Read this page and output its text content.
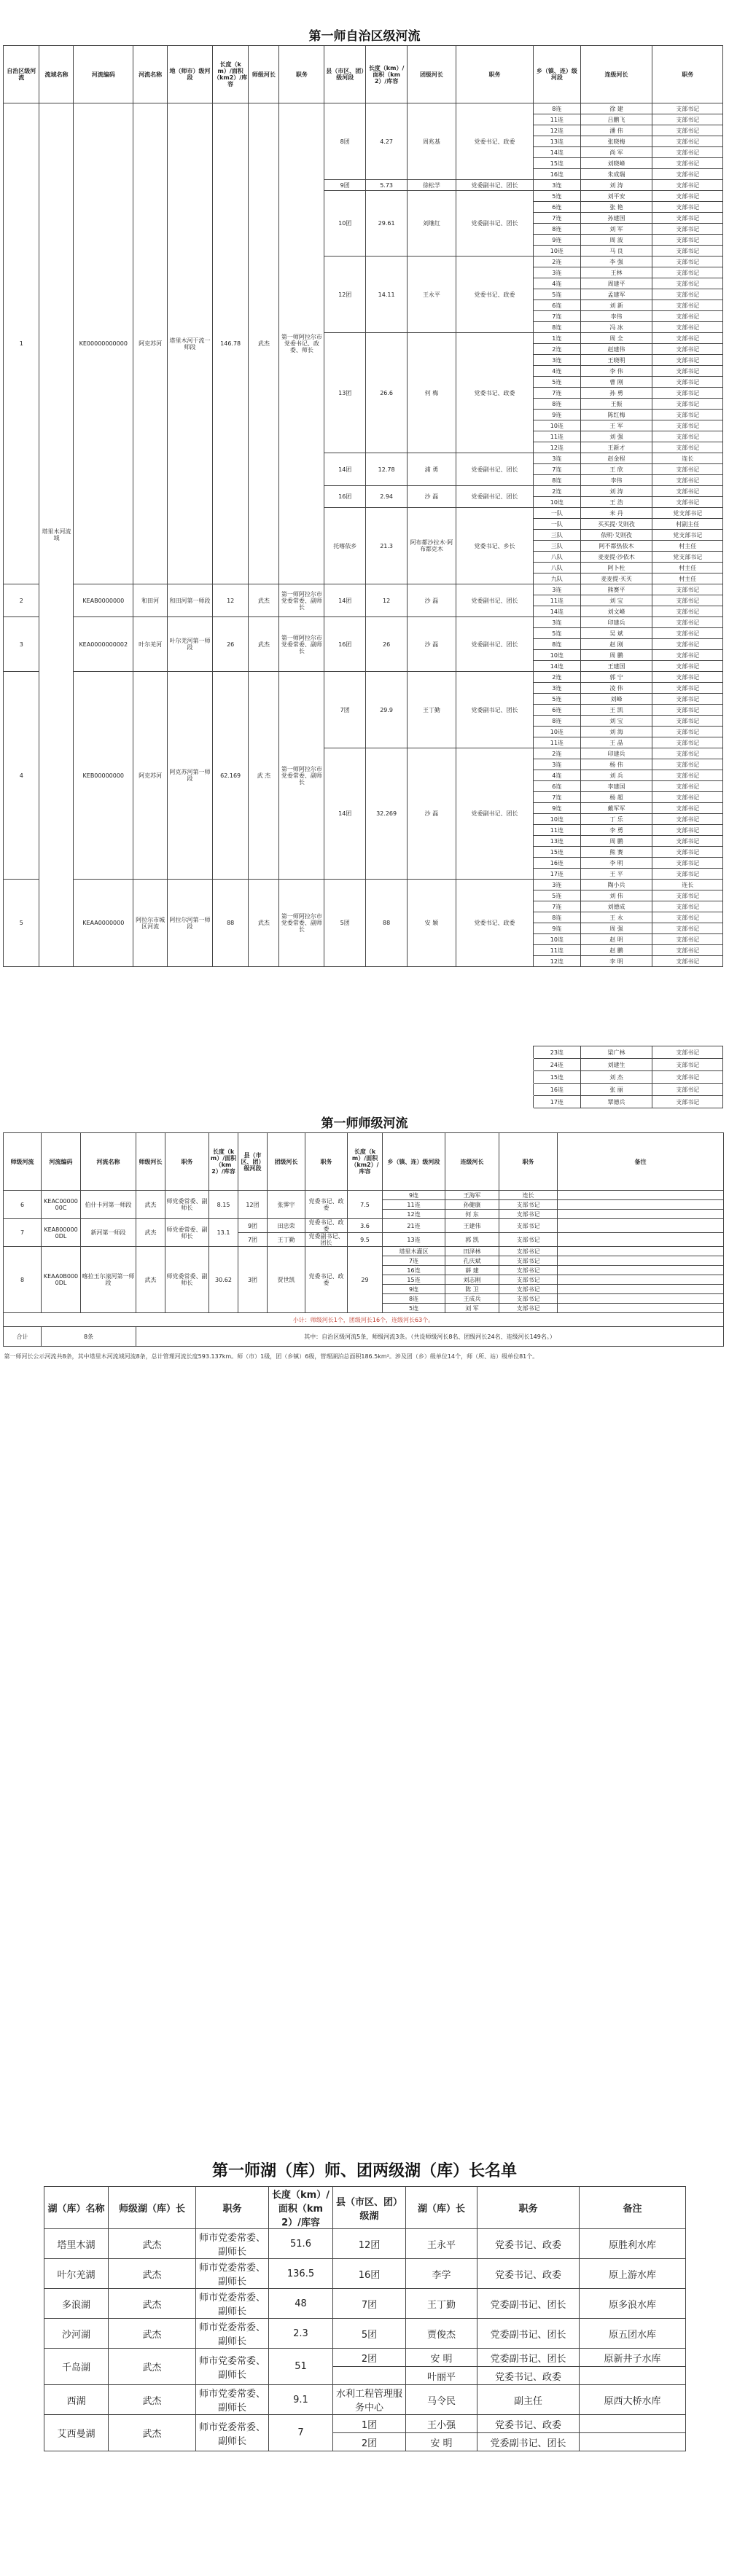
第一师自治区级河流
自治区级河流	流域名称	河流编码	河流名称	地（师市）级河段	长度（km）/面积（km2）/库容	师级河长	职务	县（市区、团）级河段	长度（km）/面积（km2）/库容	团级河长	职务	乡（镇、连）级河段	连级河长	职务
1	塔里木河流域	KE00000000000	阿克苏河	塔里木河干流一师段	146.78	武杰	第一师阿拉尔市党委书记、政委、师长	8团	4.27	周兆基	党委书记、政委	8连	徐 建	支部书记
												11连	吕鹏飞	支部书记
												12连	潘 伟	支部书记
												13连	张晓梅	支部书记
												14连	尚 军	支部书记
												15连	刘晓峰	支部书记
												16连	朱成瑞	支部书记
								9团	5.73	徐松学	党委副书记、团长	3连	刘 涛	支部书记
								10团	29.61	刘继红	党委副书记、团长	5连	刘平安	支部书记
												6连	张 艳	支部书记
												7连	孙建国	支部书记
												8连	刘 军	支部书记
												9连	周 波	支部书记
												10连	马 良	支部书记
								12团	14.11	王永平	党委书记、政委	2连	李 强	支部书记
												3连	王林	支部书记
												4连	周建平	支部书记
												5连	孟建军	支部书记
												6连	刘 新	支部书记
												7连	李伟	支部书记
												8连	冯 冰	支部书记
								13团	26.6	何 梅	党委书记、政委	1连	周 全	支部书记
												2连	赵建伟	支部书记
												3连	王晓明	支部书记
												4连	李 伟	支部书记
												5连	曹 刚	支部书记
												7连	孙 勇	支部书记
												8连	王振	支部书记
												9连	陈红梅	支部书记
												10连	王 军	支部书记
												11连	刘 强	支部书记
												12连	王新才	支部书记
								14团	12.78	浦 勇	党委副书记、团长	3连	赵金程	连长
												7连	王 欣	支部书记
												8连	李伟	支部书记
								16团	2.94	沙 磊	党委副书记、团长	2连	刘 涛	支部书记
												10连	王 浩	支部书记
								托喀依乡	21.3	阿布都沙拉木·阿布都克木	党委书记、乡长	一队	米 丹	党支部书记
												一队	买买提·艾则孜	村副主任
												三队	依明·艾则孜	党支部书记
												三队	阿不都热依木	村主任
												八队	麦麦提·沙依木	党支部书记
												八队	阿卜杜	村主任
												九队	麦麦提·买买	村主任
2		KEAB0000000	和田河	和田河第一师段	12	武杰	第一师阿拉尔市党委常委、副师长	14团	12	沙 磊	党委副书记、团长	3连	熊赛平	支部书记
												11连	刘 宝	支部书记
												14连	刘文峰	支部书记
3		KEA0000000002	叶尔羌河	叶尔羌河第一师段	26	武杰	第一师阿拉尔市党委常委、副师长	16团	26	沙 磊	党委副书记、团长	3连	印建兵	支部书记
												5连	吴 斌	支部书记
												8连	赵 刚	支部书记
												10连	周 鹏	支部书记
												14连	王建国	支部书记
4		KEB00000000	阿克苏河	阿克苏河第一师段	62.169	武 杰	第一师阿拉尔市党委常委、副师长	7团	29.9	王丁勤	党委副书记、团长	2连	郭 宁	支部书记
												3连	凌 伟	支部书记
												5连	刘峰	支部书记
												6连	王 凯	支部书记
												8连	刘 宝	支部书记
												10连	刘 海	支部书记
												11连	王 晶	支部书记
								14团	32.269	沙 磊	党委副书记、团长	2连	印建兵	支部书记
												3连	杨 伟	支部书记
												4连	刘 兵	支部书记
												6连	李建国	支部书记
												7连	杨 超	支部书记
												9连	戴军军	支部书记
												10连	丁 乐	支部书记
												11连	李 勇	支部书记
												13连	周 鹏	支部书记
												15连	熊 赛	支部书记
												16连	李 明	支部书记
												17连	王 平	支部书记
5		KEAA0000000	阿拉尔市城区河流	阿拉尔河第一师段	88	武杰	第一师阿拉尔市党委常委、副师长	5团	88	安 颖	党委书记、政委	3连	陶小兵	连长
												5连	刘 伟	支部书记
												7连	刘德成	支部书记
												8连	王 永	支部书记
												9连	周 强	支部书记
												10连	赵 明	支部书记
												11连	赵 鹏	支部书记
												12连	李 明	支部书记
												23连	梁广林	支部书记
												24连	刘建生	支部书记
												15连	刘 杰	支部书记
												16连	张 丽	支部书记
												17连	覃德兵	支部书记
第一师师级河流
师级河流	河流编码	河流名称	师级河长	职务	长度（km）/面积（km2）/库容	县（市区、团）级河段	团级河长	职务	长度（km）/面积（km2）/库容	乡（镇、连）级河段	连级河长	职务	备注
6	KEAC0000000C	伯什卡河第一师段	武杰	师党委常委、副师长	8.15	12团	张霁宇	党委书记、政委	7.5	9连	王海军	连长	
										11连	孙健康	支部书记	
										12连	何 东	支部书记	
7	KEA8000000DL	新河第一师段	武杰	师党委常委、副师长	13.1	9团	田忠荣	党委书记、政委	3.6	21连	王建伟	支部书记	
						7团	王丁勤	党委副书记、团长	9.5	13连	郭 凯	支部书记	
8	KEAA0B0000DL	喀拉玉尔滚河第一师段	武杰	师党委常委、副师长	30.62	3团	贾世凯	党委书记、政委	29	塔里木灌区	田泽林	支部书记	
										7连	孔庆斌	支部书记	
										16连	薛 建	支部书记	
										15连	刘志刚	支部书记	
										9连	陈 卫	支部书记	
										8连	王成兵	支部书记	
										5连	刘 军	支部书记	
小计：师级河长1个，团级河长16个，连级河长63个。													
合计	8条		其中：自治区级河流5条，师级河流3条。（共设师级河长8名、团级河长24名、连级河长149名。）										
第一师河长公示河流共8条，其中塔里木河流域河流8条，总计管理河流长度593.137km。师（市）1级，团（乡镇）6级，管理湖泊总面积186.5km²。涉及团（乡）级单位14个，师（所、站）级单位81个。													
第一师湖（库）师、团两级湖（库）长名单
湖（库）名称	师级湖（库）长	职务	长度（km）/面积（km2）/库容	县（市区、团）级湖	湖（库）长	职务	备注
塔里木湖	武杰	师市党委常委、副师长	51.6	12团	王永平	党委书记、政委	原胜利水库
叶尔羌湖	武杰	师市党委常委、副师长	136.5	16团	李学	党委书记、政委	原上游水库
多浪湖	武杰	师市党委常委、副师长	48	7团	王丁勤	党委副书记、团长	原多浪水库
沙河湖	武杰	师市党委常委、副师长	2.3	5团	贾俊杰	党委副书记、团长	原五团水库
千岛湖	武杰	师市党委常委、副师长	51	2团	安 明	党委副书记、团长	原新井子水库
					叶丽平	党委书记、政委	
西湖	武杰	师市党委常委、副师长	9.1	水利工程管理服务中心	马令民	副主任	原西大桥水库
艾西曼湖	武杰	师市党委常委、副师长	7	1团	王小强	党委书记、政委	
				2团	安 明	党委副书记、团长	
